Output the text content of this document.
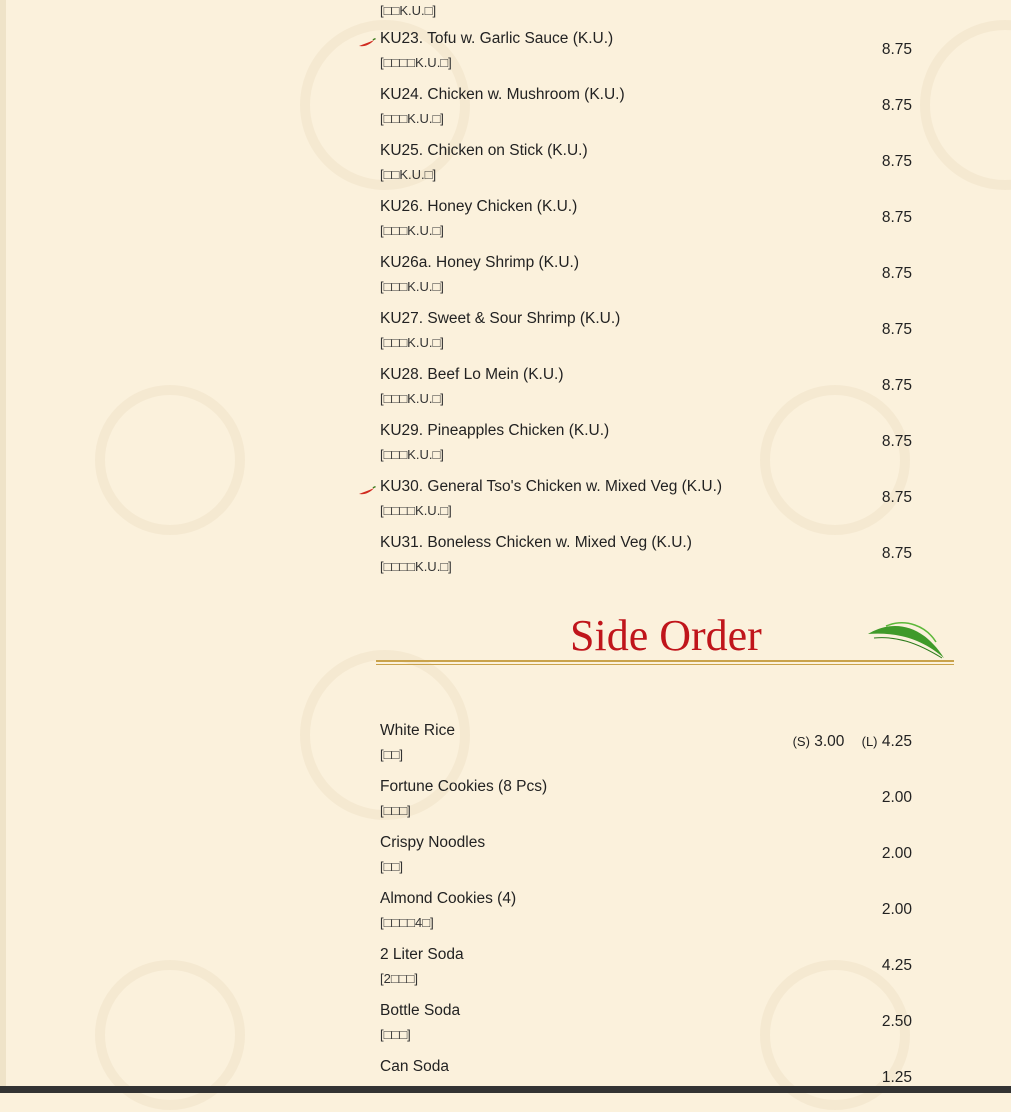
[□□K.U.□]
KU23. Tofu w. Garlic Sauce (K.U.)
[□□□□K.U.□]
8.75
KU24. Chicken w. Mushroom (K.U.)
[□□□K.U.□]
8.75
KU25. Chicken on Stick (K.U.)
[□□K.U.□]
8.75
KU26. Honey Chicken (K.U.)
[□□□K.U.□]
8.75
KU26a. Honey Shrimp (K.U.)
[□□□K.U.□]
8.75
KU27. Sweet & Sour Shrimp (K.U.)
[□□□K.U.□]
8.75
KU28. Beef Lo Mein (K.U.)
[□□□K.U.□]
8.75
KU29. Pineapples Chicken (K.U.)
[□□□K.U.□]
8.75
KU30. General Tso's Chicken w. Mixed Veg (K.U.)
[□□□□K.U.□]
8.75
KU31. Boneless Chicken w. Mixed Veg (K.U.)
[□□□□K.U.□]
8.75
Side Order
White Rice
[□□]
(S) 3.00 (L) 4.25
Fortune Cookies (8 Pcs)
[□□□]
2.00
Crispy Noodles
[□□]
2.00
Almond Cookies (4)
[□□□□4□]
2.00
2 Liter Soda
[2□□□]
4.25
Bottle Soda
[□□□]
2.50
Can Soda
1.25
